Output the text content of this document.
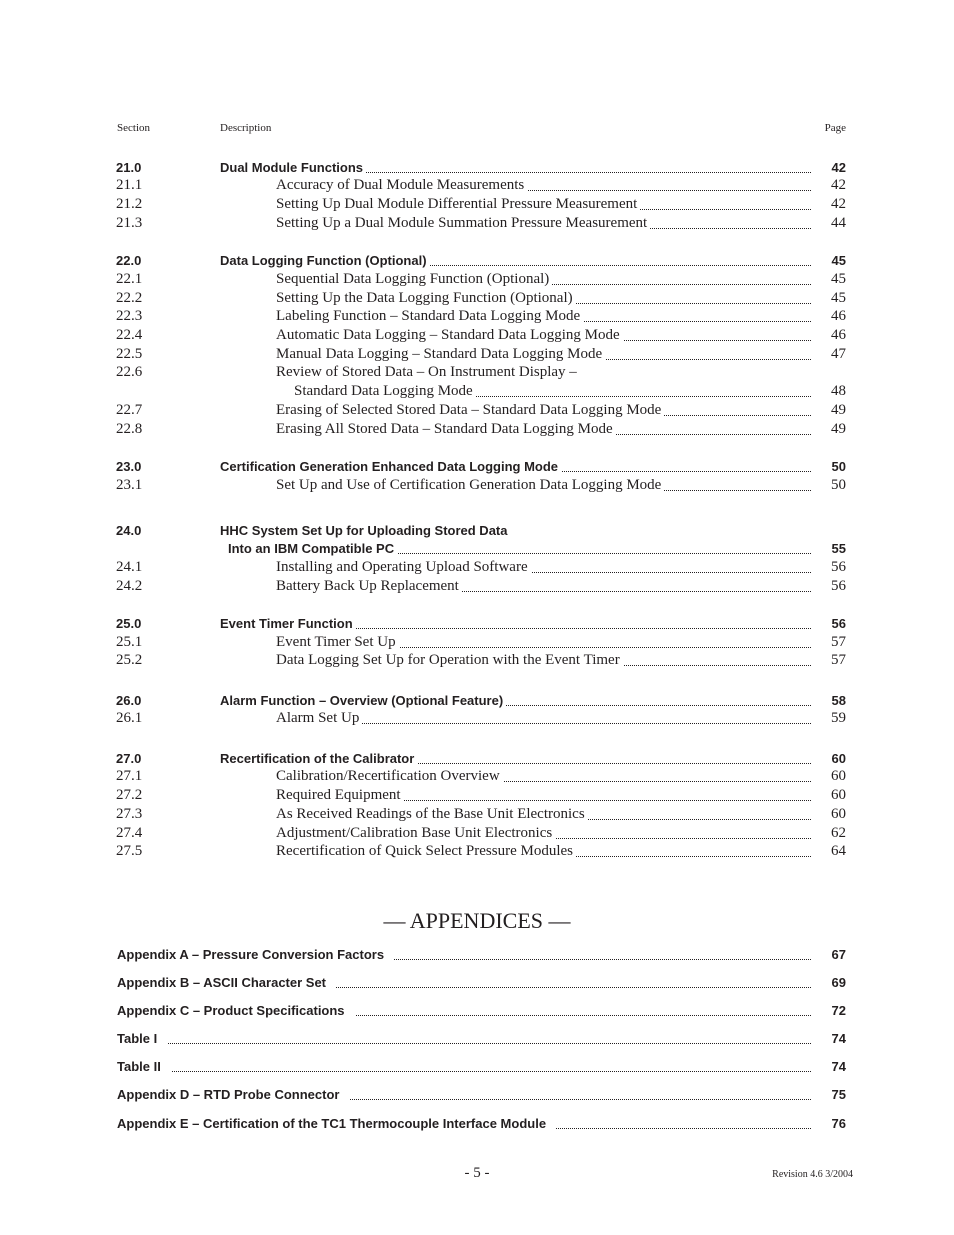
Section	Description	Page
21.0	Dual Module Functions	42
21.1	Accuracy of Dual Module Measurements	42
21.2	Setting Up Dual Module Differential Pressure Measurement	42
21.3	Setting Up a Dual Module Summation Pressure Measurement	44
22.0	Data Logging Function (Optional)	45
22.1	Sequential Data Logging Function (Optional)	45
22.2	Setting Up the Data Logging Function (Optional)	45
22.3	Labeling Function – Standard Data Logging Mode	46
22.4	Automatic Data Logging – Standard Data Logging Mode	46
22.5	Manual Data Logging – Standard Data Logging Mode	47
22.6	Review of Stored Data – On Instrument Display –
Standard Data Logging Mode	48
22.7	Erasing of Selected Stored Data – Standard Data Logging Mode	49
22.8	Erasing All Stored Data – Standard Data Logging Mode	49
23.0	Certification Generation Enhanced Data Logging Mode	50
23.1	Set Up and Use of Certification Generation Data Logging Mode	50
24.0	HHC System Set Up for Uploading Stored Data
Into an IBM Compatible PC	55
24.1	Installing and Operating Upload Software	56
24.2	Battery Back Up Replacement	56
25.0	Event Timer Function	56
25.1	Event Timer Set Up	57
25.2	Data Logging Set Up for Operation with the Event Timer	57
26.0	Alarm Function – Overview (Optional Feature)	58
26.1	Alarm Set Up	59
27.0	Recertification of the Calibrator	60
27.1	Calibration/Recertification Overview	60
27.2	Required Equipment	60
27.3	As Received Readings of the Base Unit Electronics	60
27.4	Adjustment/Calibration Base Unit Electronics	62
27.5	Recertification of Quick Select Pressure Modules	64
— APPENDICES —
Appendix A – Pressure Conversion Factors	67
Appendix B – ASCII Character Set	69
Appendix C – Product Specifications	72
Table I	74
Table II	74
Appendix D – RTD Probe Connector	75
Appendix E – Certification of the TC1 Thermocouple Interface Module	76
- 5 -	Revision 4.6 3/2004
